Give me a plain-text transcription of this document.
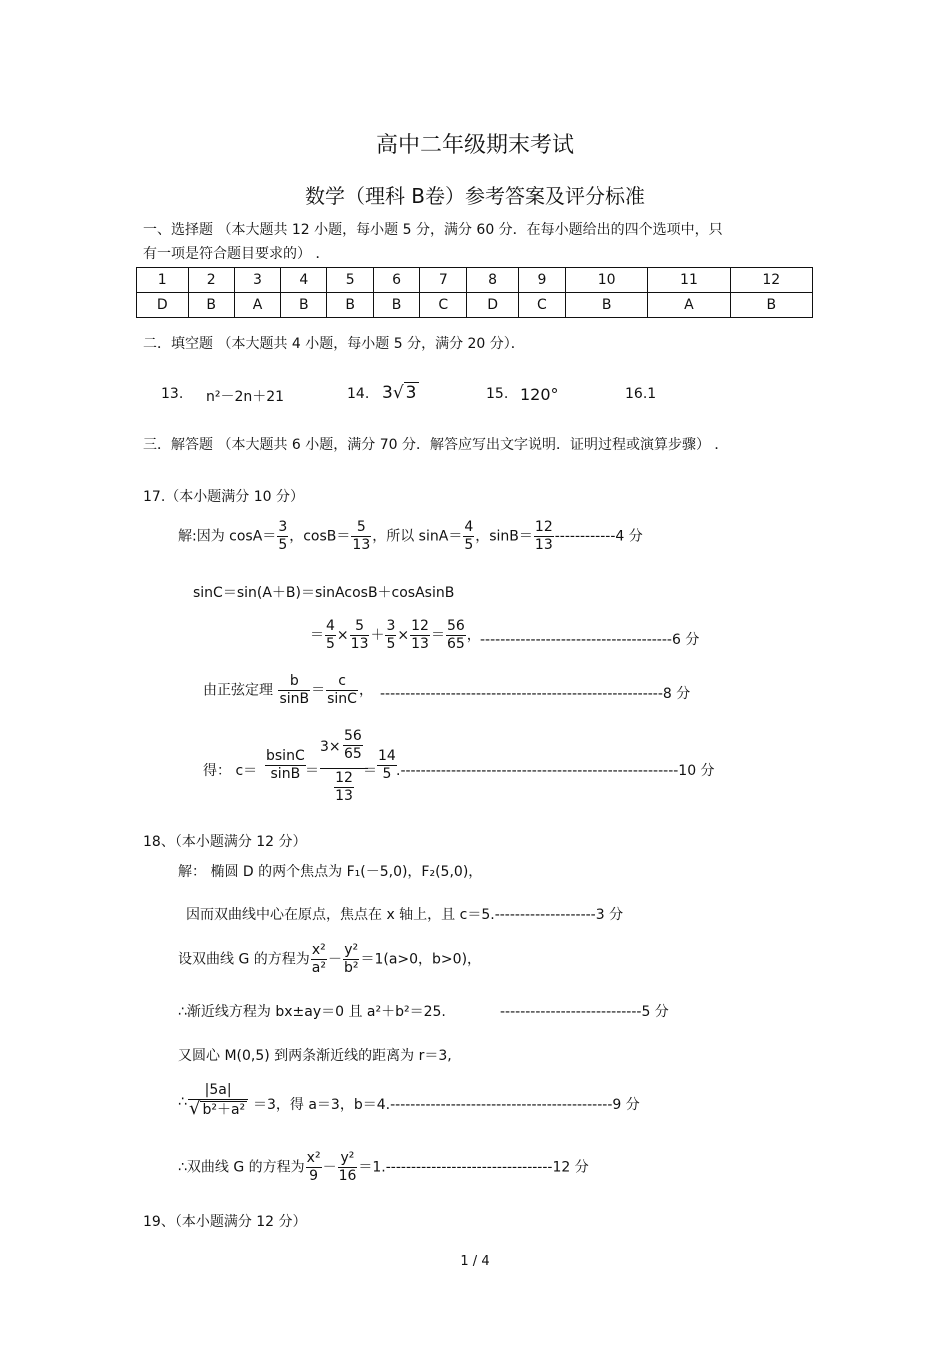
高中二年级期末考试
数学（理科 B卷）参考答案及评分标准
一、选择题 （本大题共 12 小题，每小题 5 分，满分 60 分．在每小题给出的四个选项中，只
有一项是符合题目要求的） ．
1	2	3	4	5	6	7	8	9	10	11	12
D	B	A	B	B	B	C	D	C	B	A	B
二．填空题 （本大题共 4 小题，每小题 5 分，满分 20 分）．
13. n²－2n＋21	14. 3√ 3	15. 120°	16.1
三．解答题 （本大题共 6 小题，满分 70 分．解答应写出文字说明．证明过程或演算步骤） ．
17.（本小题满分 10 分）
解:因为 $\cos A= \frac{3}{5}$ ，$\cos B= \frac{5}{13}$ ，所以 $\sin A= \frac{4}{5}$ ，$\sin B= \frac{12}{13} ------------4$ 分
sinC＝sin(A＋B)＝sinAcosB＋cosAsinB
＝ $\frac{4}{5} \times \frac{5}{13} + \frac{3}{5} \times \frac{12}{13} = \frac{56}{65}$ ， --------------------------------------6 分
由正弦定理 $\frac{b}{\sin B} = \frac{c}{\sin C}$ ， --------------------------------------------------------8 分
得： $c= \frac{bsinC}{\sin B} = \frac{3\times \frac{56}{65}}{\frac{12}{13}}$
＝ $\frac{14}{5} .-------------------------------------------------------10$ 分
18、（本小题满分 12 分）
解： 椭圆 D 的两个焦点为 F₁(－5,0)，F₂(5,0)，
因而双曲线中心在原点，焦点在 x 轴上，且 c＝5.--------------------3 分
设双曲线 G 的方程为 $\frac{\text{x²}}{\text{a²}} - \frac{\text{y²}}{\text{b²}} =1(a>0$，b>0)，
∴渐近线方程为 bx±ay＝0 且 a²＋b²＝25.	----------------------------5 分
又圆心 M(0,5) 到两条渐近线的距离为 r＝3,
∴ $\frac{|5a|}{\text{√ b²＋a²}} =3$，得 a＝3，b＝4.--------------------------------------------9 分
∴双曲线 G 的方程为 $\frac{\text{x²}}{9} - \frac{\text{y²}}{16} =1.---------------------------------12$ 分
19、（本小题满分 12 分）
1 / 4
